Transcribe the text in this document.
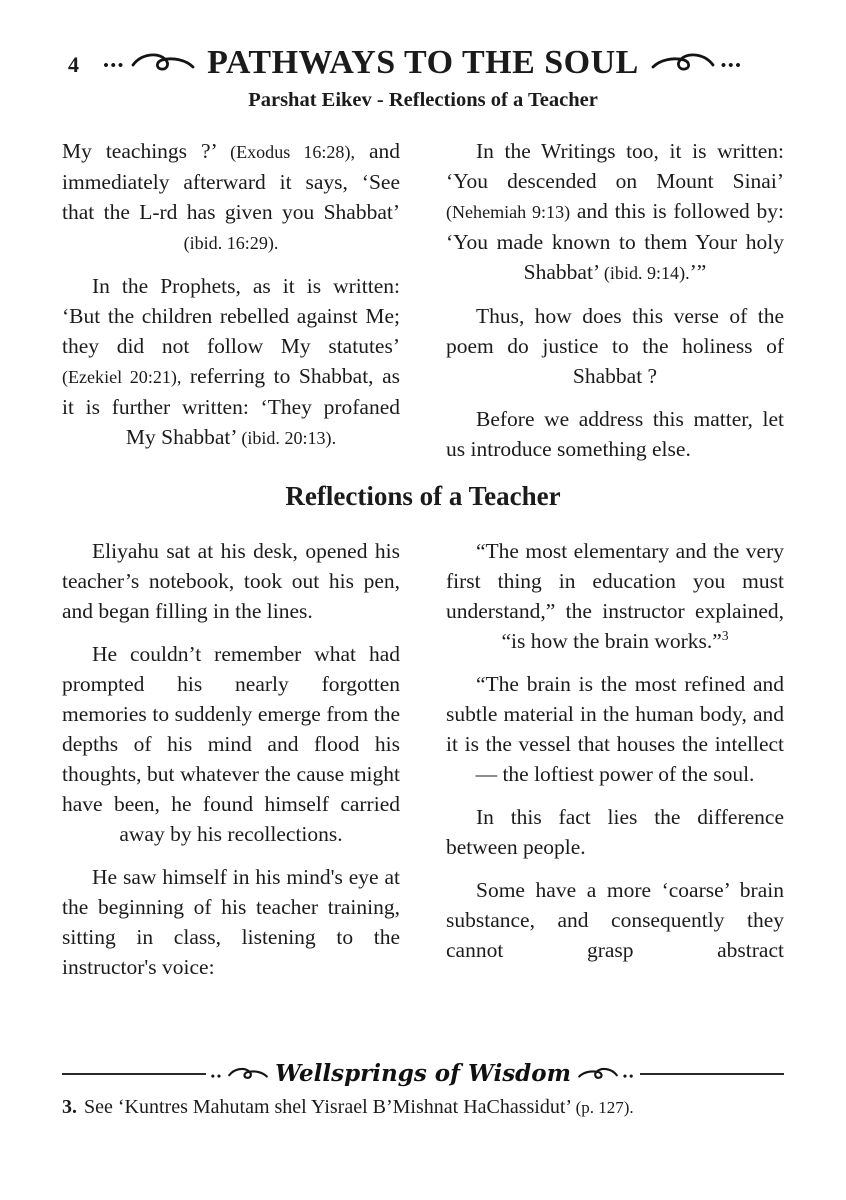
4 ••• PATHWAYS TO THE SOUL	•••
Parshat Eikev - Reflections of a Teacher

My teachings ?’ (Exodus 16:28), and immediately afterward it says, ‘See that the L-rd has given you Shabbat’ (ibid. 16:29).

In the Prophets, as it is written: ‘But the children rebelled against Me; they did not follow My statutes’ (Ezekiel 20:21), referring to Shabbat, as it is further written: ‘They profaned My Shabbat’ (ibid. 20:13).

In the Writings too, it is written: ‘You descended on Mount Sinai’ (Nehemiah 9:13) and this is followed by: ‘You made known to them Your holy Shabbat’ (ibid. 9:14).’”

Thus, how does this verse of the poem do justice to the holiness of Shabbat ?

Before we address this matter, let us introduce something else.

Reflections of a Teacher

Eliyahu sat at his desk, opened his teacher’s notebook, took out his pen, and began filling in the lines.

He couldn’t remember what had prompted his nearly forgotten memories to suddenly emerge from the depths of his mind and flood his thoughts, but whatever the cause might have been, he found himself carried away by his recollections.

He saw himself in his mind's eye at the beginning of his teacher training, sitting in class, listening to the instructor's voice:

“The most elementary and the very first thing in education you must understand,” the instructor explained, “is how the brain works.”$^3$

“The brain is the most refined and subtle material in the human body, and it is the vessel that houses the intellect — the loftiest power of the soul.

In this fact lies the difference between people.

Some have a more ‘coarse’ brain substance, and consequently they cannot grasp abstract

•• Wellsprings of Wisdom	••
3. See ‘Kuntres Mahutam shel Yisrael B’Mishnat HaChassidut’ (p. 127).
